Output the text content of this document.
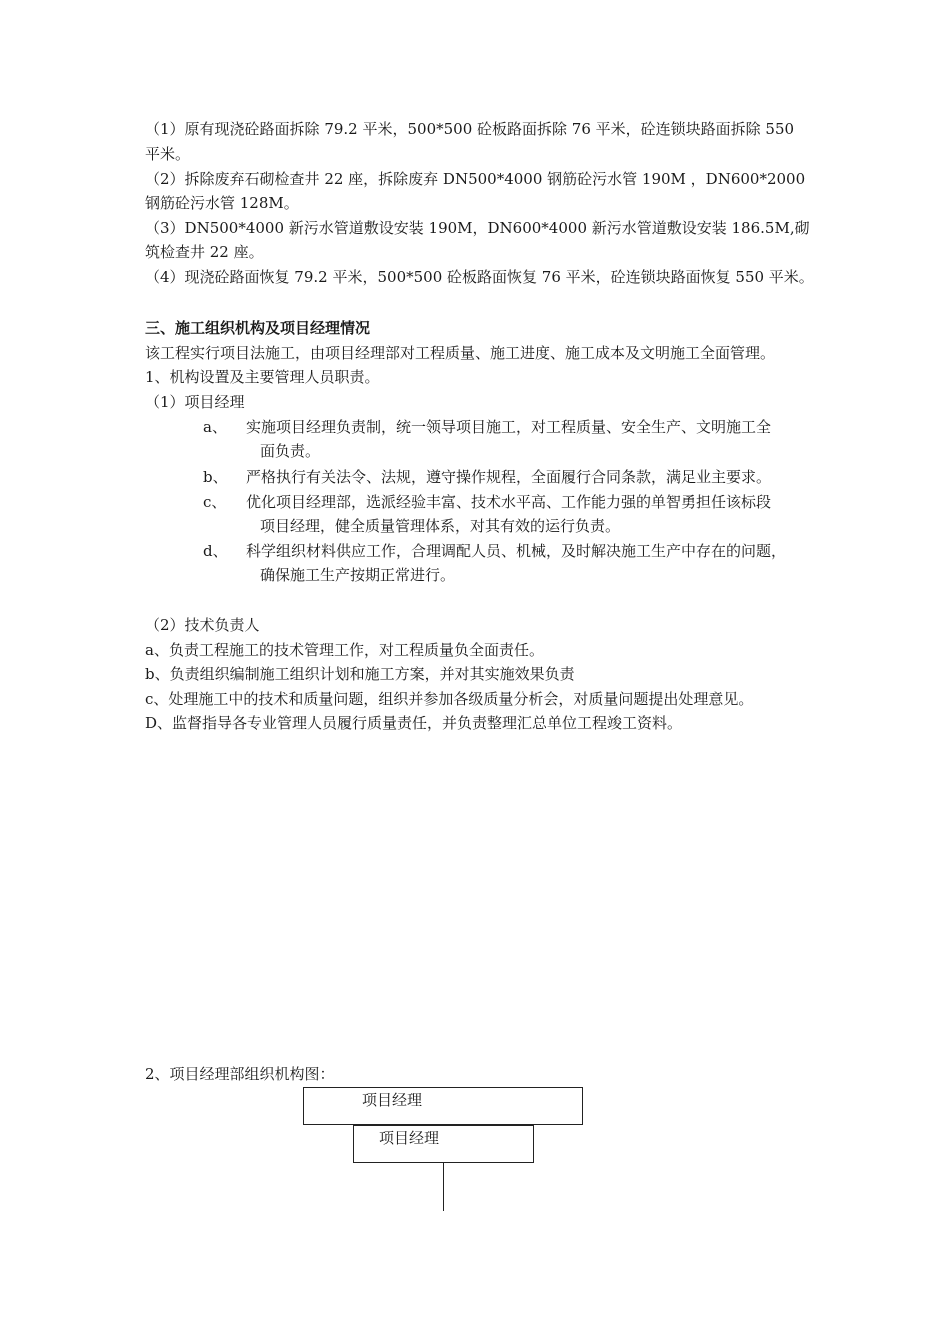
（1）原有现浇砼路面拆除 79.2 平米，500*500 砼板路面拆除 76 平米，砼连锁块路面拆除 550
平米。
（2）拆除废弃石砌检查井 22 座，拆除废弃 DN500*4000 钢筋砼污水管 190M ，DN600*2000
钢筋砼污水管 128M。
（3）DN500*4000 新污水管道敷设安装 190M，DN600*4000 新污水管道敷设安装 186.5M,砌
筑检查井 22 座。
（4）现浇砼路面恢复 79.2 平米，500*500 砼板路面恢复 76 平米，砼连锁块路面恢复 550 平米。
三、施工组织机构及项目经理情况
该工程实行项目法施工，由项目经理部对工程质量、施工进度、施工成本及文明施工全面管理。
1、机构设置及主要管理人员职责。
（1）项目经理
a、 实施项目经理负责制，统一领导项目施工，对工程质量、安全生产、文明施工全
面负责。
b、 严格执行有关法令、法规，遵守操作规程，全面履行合同条款，满足业主要求。
c、 优化项目经理部，选派经验丰富、技术水平高、工作能力强的单智勇担任该标段
项目经理，健全质量管理体系，对其有效的运行负责。
d、 科学组织材料供应工作，合理调配人员、机械，及时解决施工生产中存在的问题，
确保施工生产按期正常进行。
（2）技术负责人
a、负责工程施工的技术管理工作，对工程质量负全面责任。
b、负责组织编制施工组织计划和施工方案，并对其实施效果负责
c、处理施工中的技术和质量问题，组织并参加各级质量分析会，对质量问题提出处理意见。
D、监督指导各专业管理人员履行质量责任，并负责整理汇总单位工程竣工资料。
2、项目经理部组织机构图：
项目经理
项目经理
